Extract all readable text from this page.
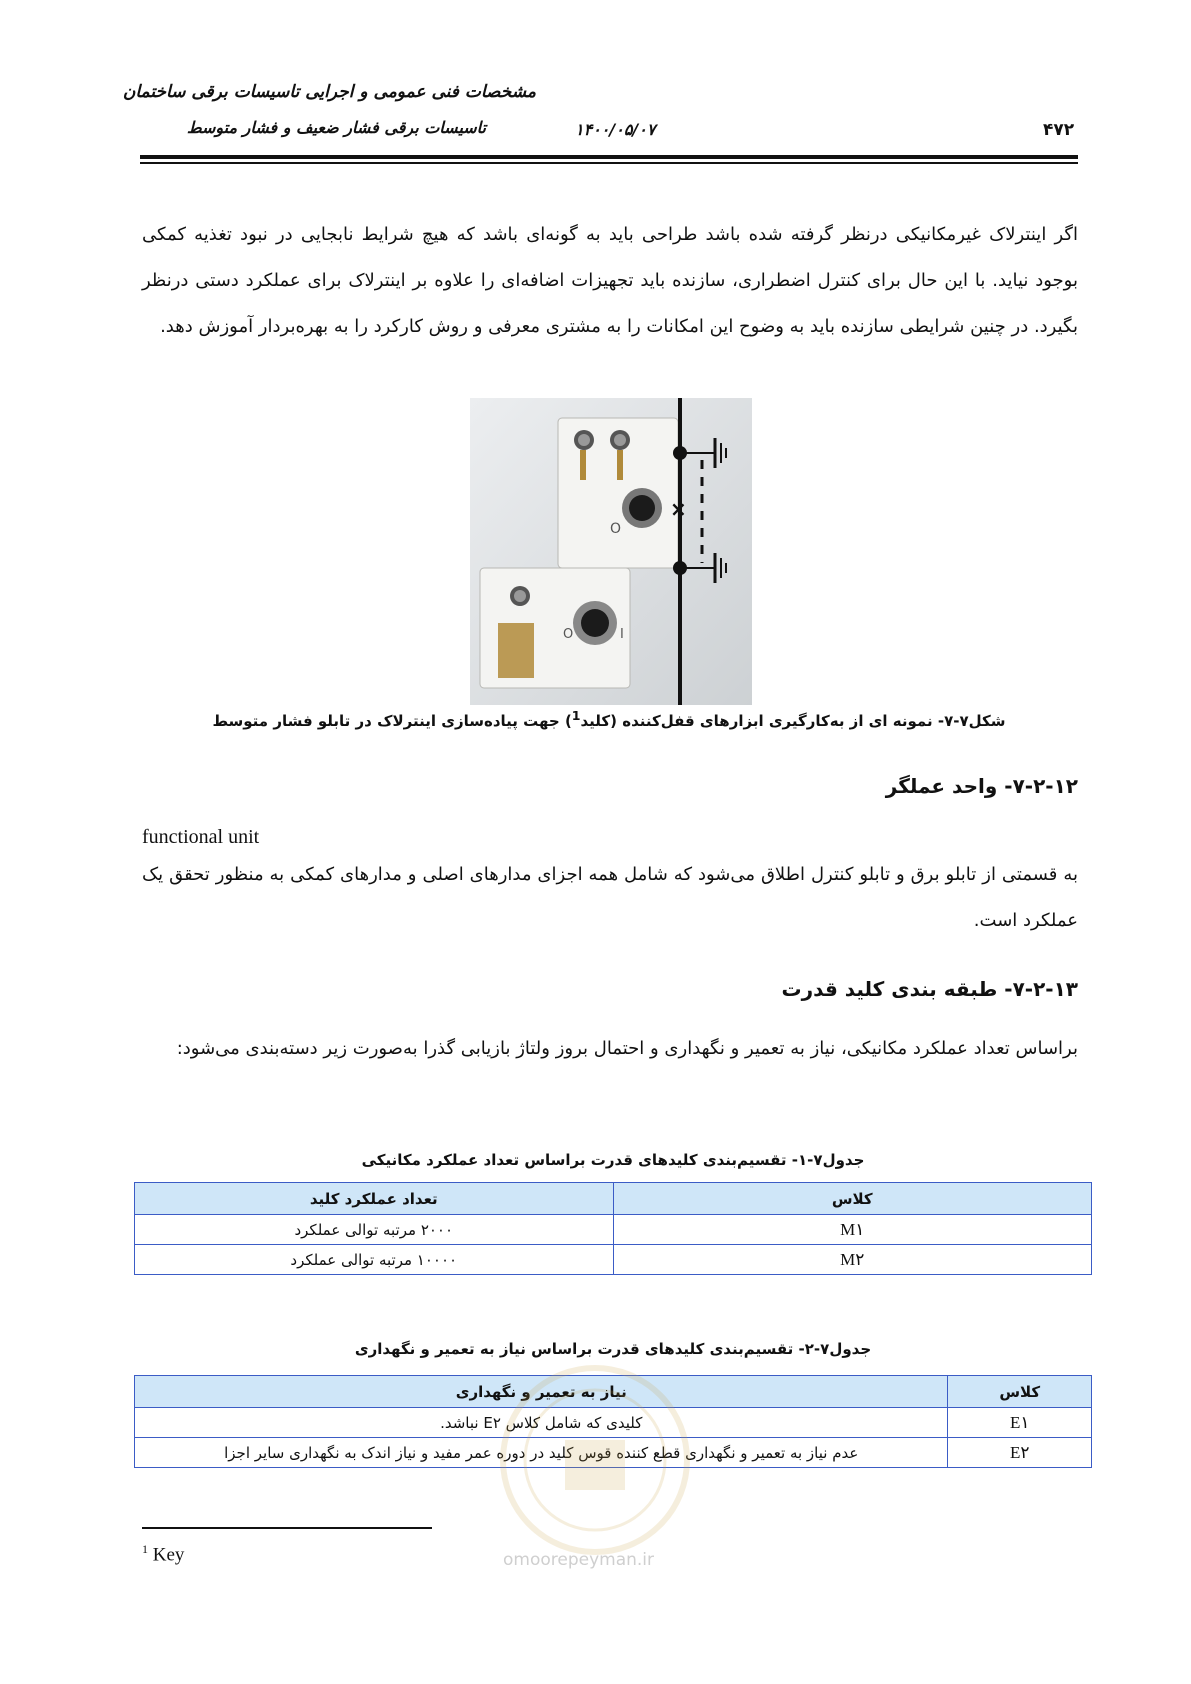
مشخصات فنی عمومی و اجرایی تاسیسات برقی ساختمان
تاسیسات برقی فشار ضعیف و فشار متوسط	۱۴۰۰/۰۵/۰۷	۴۷۲
اگر اینترلاک غیرمکانیکی درنظر گرفته شده باشد طراحی باید به گونه‌ای باشد که هیچ شرایط نابجایی در نبود تغذیه کمکی بوجود نیاید. با این حال برای کنترل اضطراری، سازنده باید تجهیزات اضافه‌ای را علاوه بر اینترلاک برای عملکرد دستی درنظر بگیرد. در چنین شرایطی سازنده باید به وضوح این امکانات را به مشتری معرفی و روش کارکرد را به بهره‌بردار آموزش دهد.
O
O	I
×
شکل۷-۷- نمونه ای از به‌کارگیری ابزارهای قفل‌کننده (کلید$^1$) جهت پیاده‌سازی اینترلاک در تابلو فشار متوسط
۷-۲-۱۲- واحد عملگر
functional unit
به قسمتی از تابلو برق و تابلو کنترل اطلاق می‌شود که شامل همه اجزای مدارهای اصلی و مدارهای کمکی به منظور تحقق یک عملکرد است.
۷-۲-۱۳- طبقه بندی کلید قدرت
براساس تعداد عملکرد مکانیکی، نیاز به تعمیر و نگهداری و احتمال بروز ولتاژ بازیابی گذرا به‌صورت زیر دسته‌بندی می‌شود:
جدول۷-۱- تقسیم‌بندی کلیدهای قدرت براساس تعداد عملکرد مکانیکی
کلاس	تعداد عملکرد کلید
M۱	۲۰۰۰ مرتبه توالی عملکرد
M۲	۱۰۰۰۰ مرتبه توالی عملکرد
جدول۷-۲- تقسیم‌بندی کلیدهای قدرت براساس نیاز به تعمیر و نگهداری
کلاس	نیاز به تعمیر و نگهداری
E۱	کلیدی که شامل کلاس E۲ نباشد.
E۲	عدم نیاز به تعمیر و نگهداری قطع کننده قوس کلید در دوره عمر مفید و نیاز اندک به نگهداری سایر اجزا
omoorepeyman.ir
$^1$ Key
